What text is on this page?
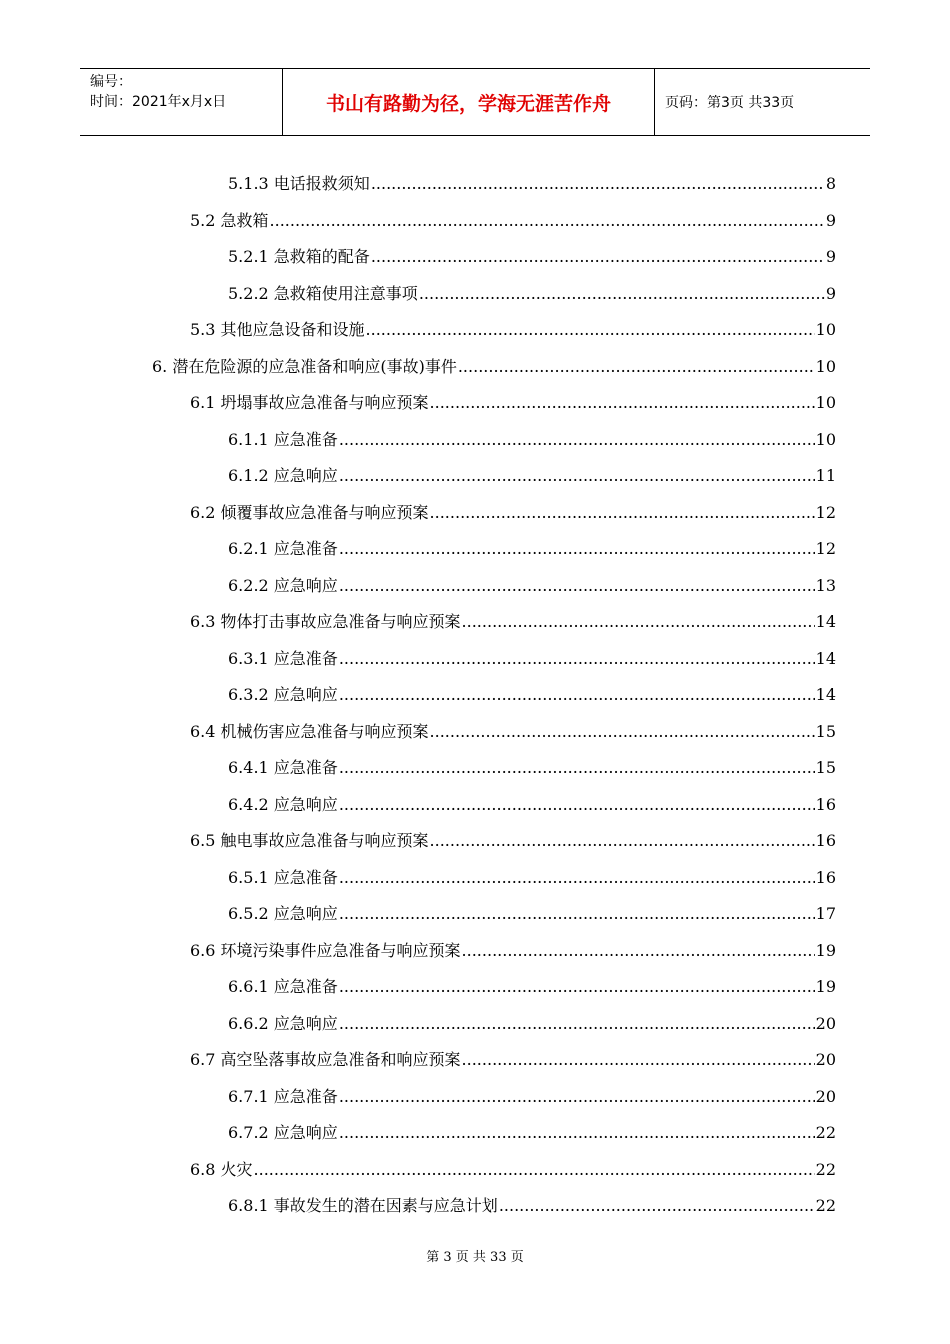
编号：
时间：2021年x月x日	书山有路勤为径，学海无涯苦作舟	页码：第3页 共33页
5.1.3 电话报救须知 .....	8
5.2 急救箱 .....	9
5.2.1 急救箱的配备 .....	9
5.2.2 急救箱使用注意事项 .....	9
5.3 其他应急设备和设施 .....	10
6. 潜在危险源的应急准备和响应(事故)事件 .....	10
6.1 坍塌事故应急准备与响应预案 .....	10
6.1.1 应急准备 .....	10
6.1.2 应急响应 .....	11
6.2 倾覆事故应急准备与响应预案 .....	12
6.2.1 应急准备 .....	12
6.2.2 应急响应 .....	13
6.3 物体打击事故应急准备与响应预案 .....	14
6.3.1 应急准备 .....	14
6.3.2 应急响应 .....	14
6.4 机械伤害应急准备与响应预案 .....	15
6.4.1 应急准备 .....	15
6.4.2 应急响应 .....	16
6.5 触电事故应急准备与响应预案 .....	16
6.5.1 应急准备 .....	16
6.5.2 应急响应 .....	17
6.6 环境污染事件应急准备与响应预案 .....	19
6.6.1 应急准备 .....	19
6.6.2 应急响应 .....	20
6.7 高空坠落事故应急准备和响应预案 .....	20
6.7.1 应急准备 .....	20
6.7.2 应急响应 .....	22
6.8 火灾 .....	22
6.8.1 事故发生的潜在因素与应急计划 .....	22
第 3 页 共 33 页
